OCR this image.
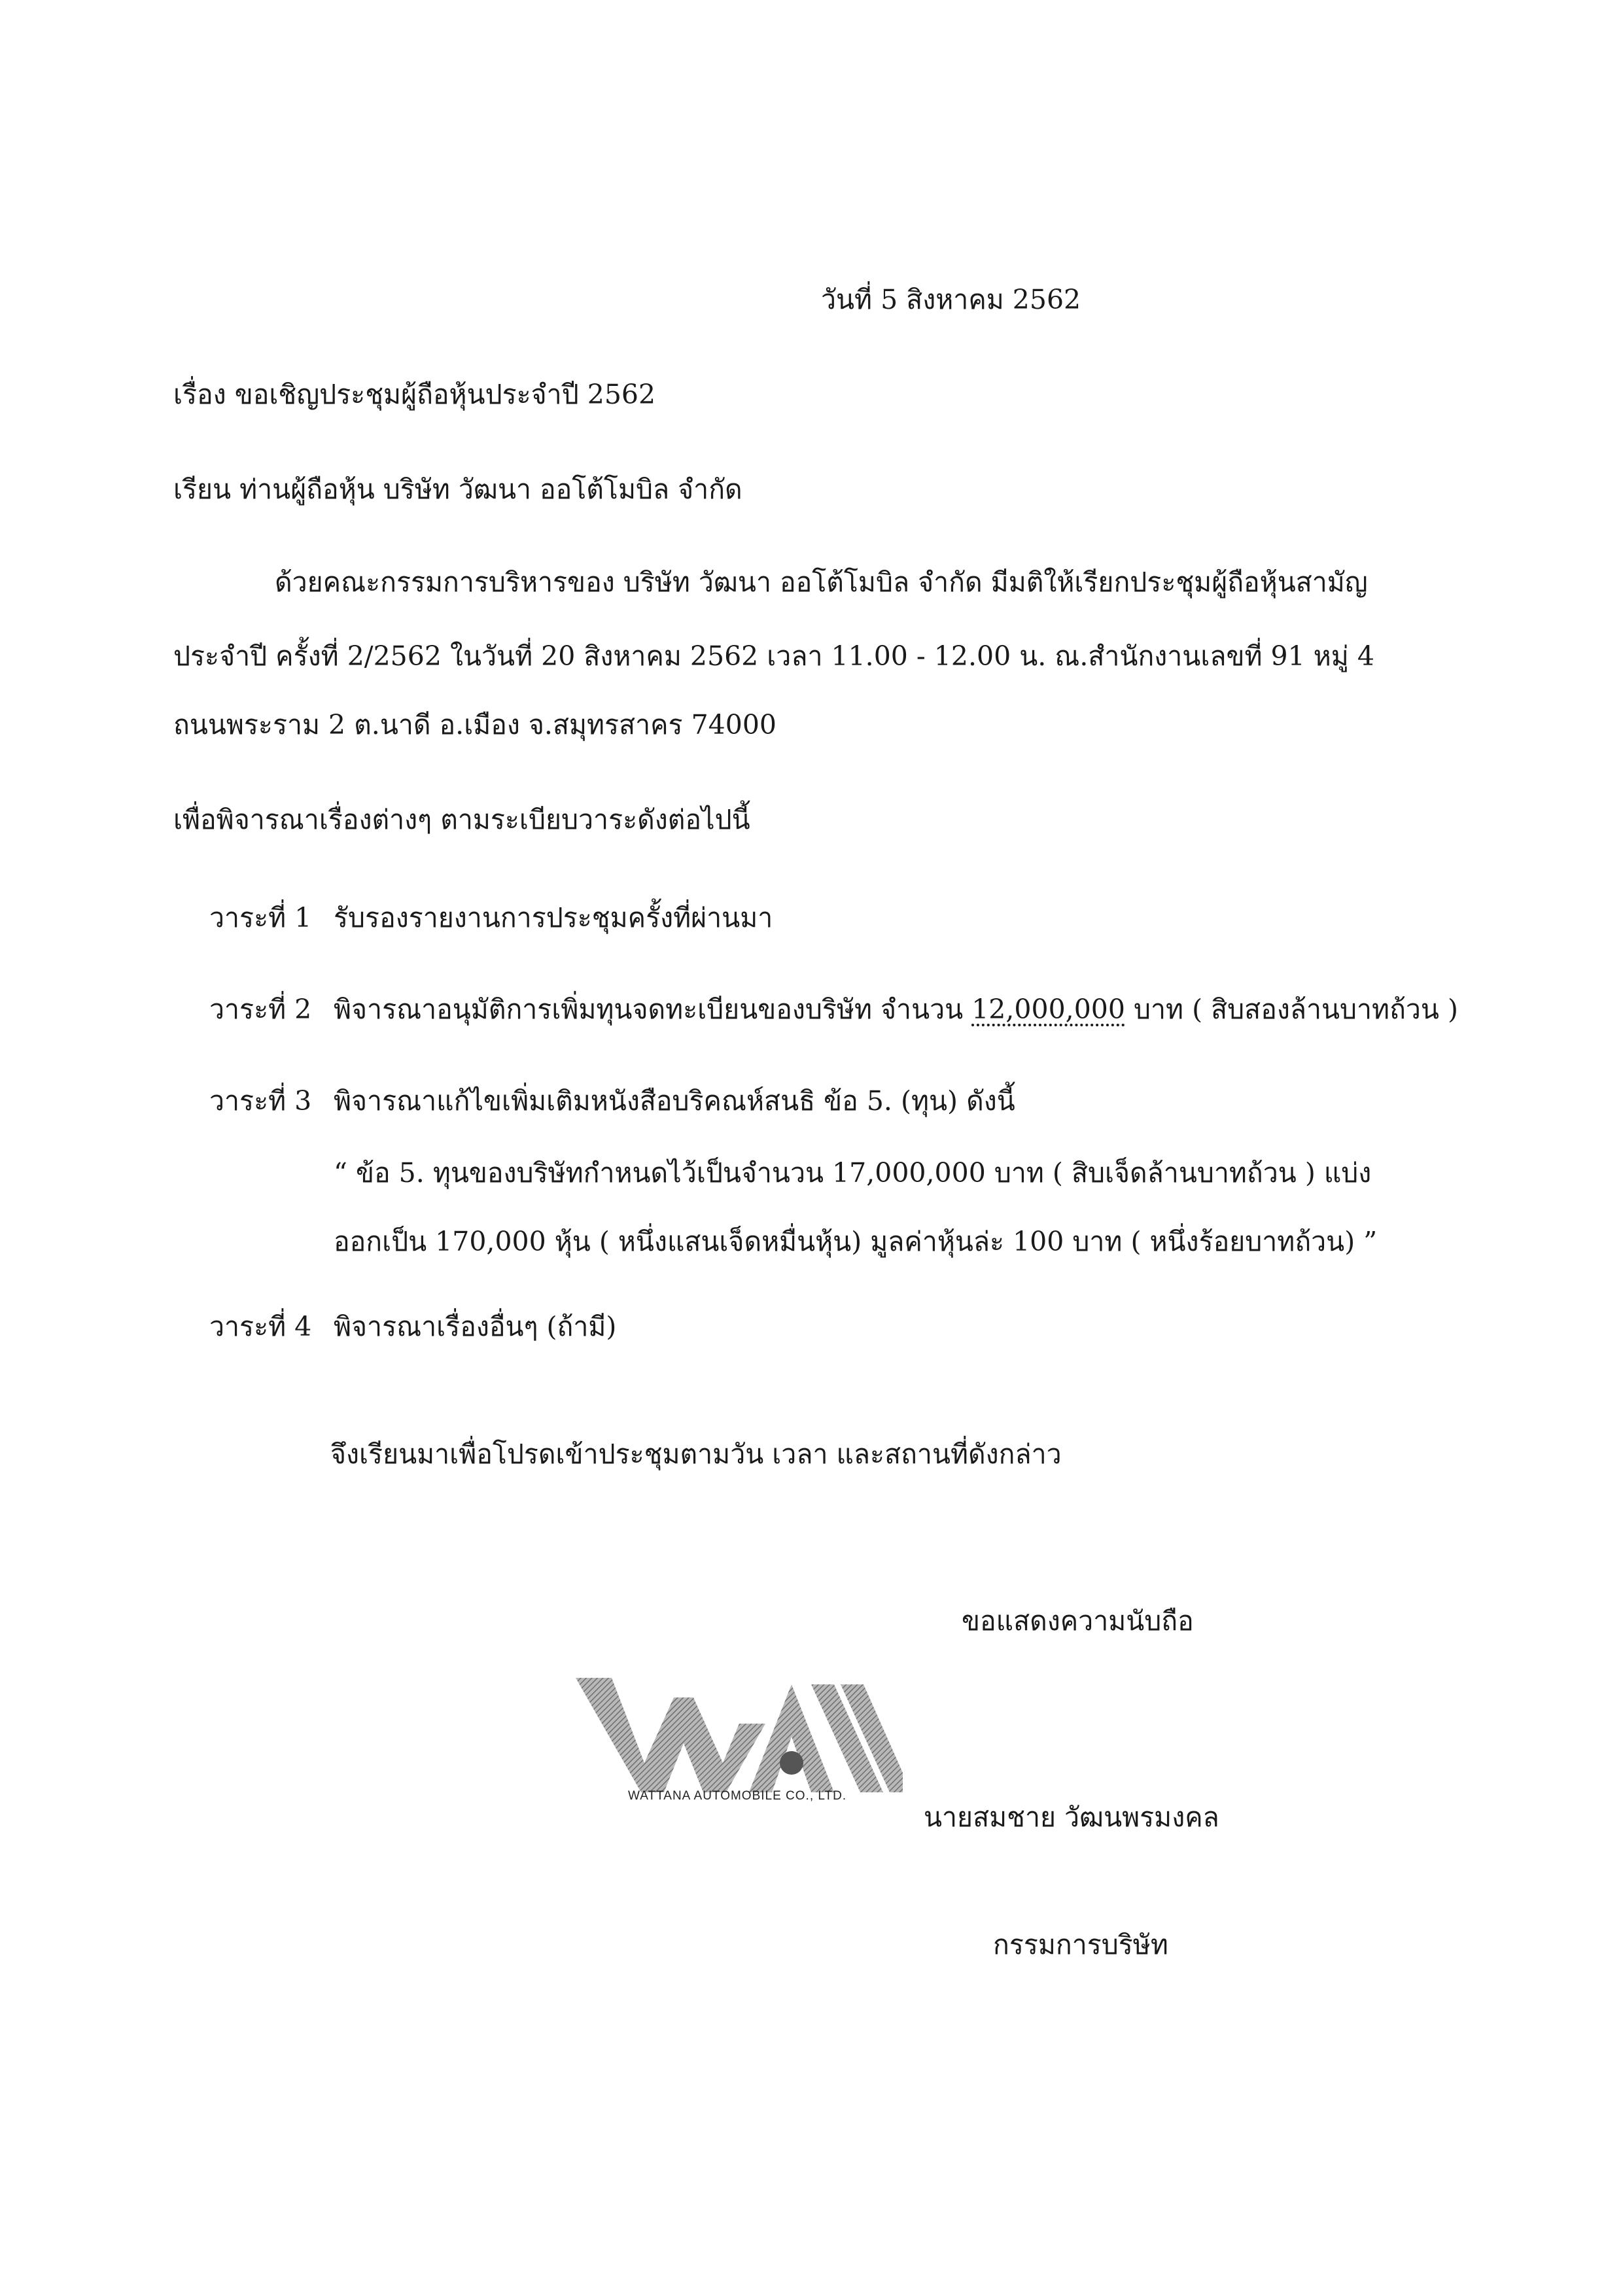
วันที่ 5 สิงหาคม 2562
เรื่อง ขอเชิญประชุมผู้ถือหุ้นประจำปี 2562
เรียน ท่านผู้ถือหุ้น บริษัท วัฒนา ออโต้โมบิล จำกัด
ด้วยคณะกรรมการบริหารของ บริษัท วัฒนา ออโต้โมบิล จำกัด มีมติให้เรียกประชุมผู้ถือหุ้นสามัญ
ประจำปี ครั้งที่ 2/2562 ในวันที่ 20 สิงหาคม 2562 เวลา 11.00 - 12.00 น. ณ.สำนักงานเลขที่ 91 หมู่ 4
ถนนพระราม 2 ต.นาดี อ.เมือง จ.สมุทรสาคร 74000
เพื่อพิจารณาเรื่องต่างๆ ตามระเบียบวาระดังต่อไปนี้
วาระที่ 1 รับรองรายงานการประชุมครั้งที่ผ่านมา
วาระที่ 2 พิจารณาอนุมัติการเพิ่มทุนจดทะเบียนของบริษัท จำนวน 12,000,000 บาท ( สิบสองล้านบาทถ้วน )
วาระที่ 3 พิจารณาแก้ไขเพิ่มเติมหนังสือบริคณห์สนธิ ข้อ 5. (ทุน) ดังนี้
“ ข้อ 5. ทุนของบริษัทกำหนดไว้เป็นจำนวน 17,000,000 บาท ( สิบเจ็ดล้านบาทถ้วน ) แบ่ง
ออกเป็น 170,000 หุ้น ( หนึ่งแสนเจ็ดหมื่นหุ้น) มูลค่าหุ้นล่ะ 100 บาท ( หนึ่งร้อยบาทถ้วน) ”
วาระที่ 4 พิจารณาเรื่องอื่นๆ (ถ้ามี)
จึงเรียนมาเพื่อโปรดเข้าประชุมตามวัน เวลา และสถานที่ดังกล่าว
ขอแสดงความนับถือ
WATTANA AUTOMOBILE CO., LTD.
นายสมชาย วัฒนพรมงคล
กรรมการบริษัท
